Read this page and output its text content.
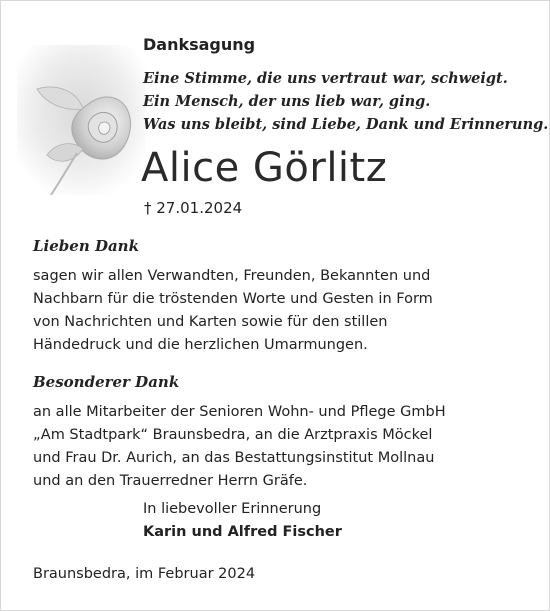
Danksagung
Eine Stimme, die uns vertraut war, schweigt.
Ein Mensch, der uns lieb war, ging.
Was uns bleibt, sind Liebe, Dank und Erinnerung.
Alice Görlitz
† 27.01.2024
Lieben Dank
sagen wir allen Verwandten, Freunden, Bekannten und
Nachbarn für die tröstenden Worte und Gesten in Form
von Nachrichten und Karten sowie für den stillen
Händedruck und die herzlichen Umarmungen.
Besonderer Dank
an alle Mitarbeiter der Senioren Wohn- und Pflege GmbH
„Am Stadtpark“ Braunsbedra, an die Arztpraxis Möckel
und Frau Dr. Aurich, an das Bestattungsinstitut Mollnau
und an den Trauerredner Herrn Gräfe.
In liebevoller Erinnerung
Karin und Alfred Fischer
Braunsbedra, im Februar 2024
